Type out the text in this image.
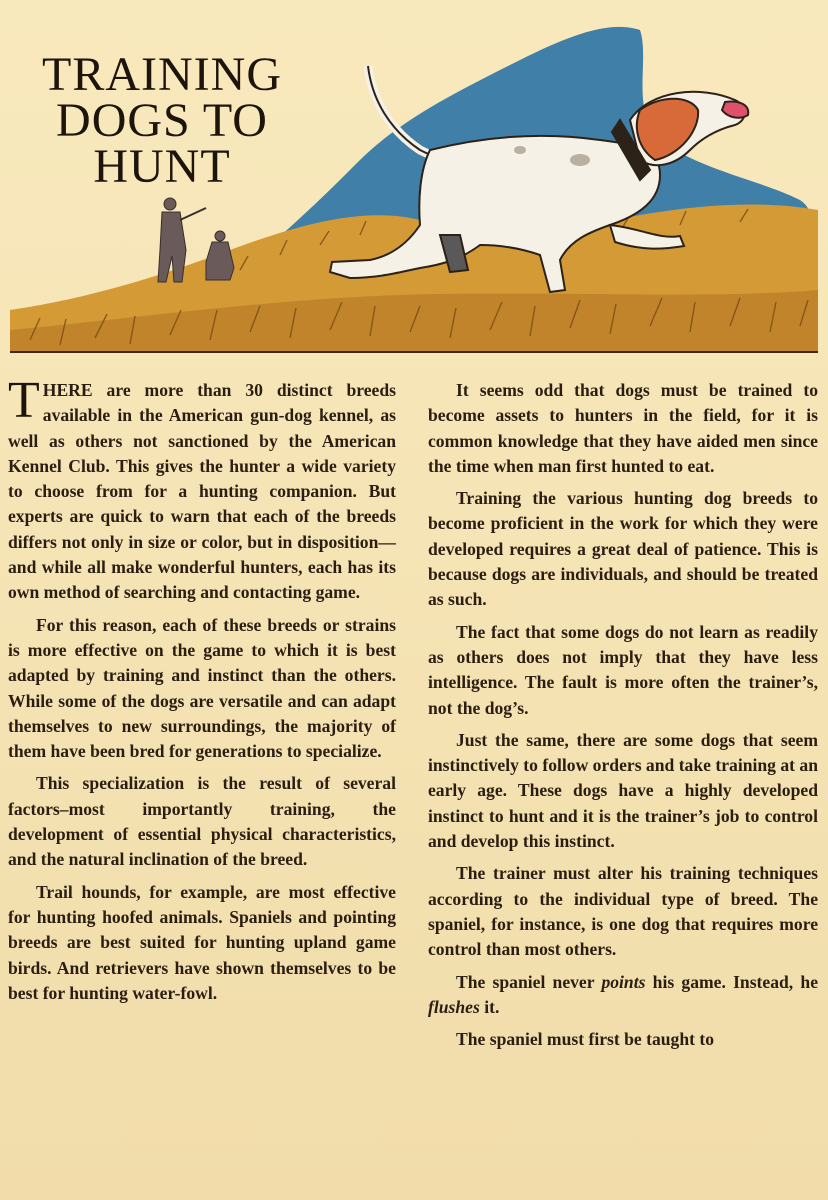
TRAINING
DOGS TO
HUNT

THERE are more than 30 distinct breeds available in the American gun-dog kennel, as well as others not sanctioned by the American Kennel Club. This gives the hunter a wide variety to choose from for a hunting companion. But experts are quick to warn that each of the breeds differs not only in size or color, but in disposition—and while all make wonderful hunters, each has its own method of searching and contacting game.

For this reason, each of these breeds or strains is more effective on the game to which it is best adapted by training and instinct than the others. While some of the dogs are versatile and can adapt themselves to new surroundings, the majority of them have been bred for generations to specialize.

This specialization is the result of several factors–most importantly training, the development of essential physical characteristics, and the natural inclination of the breed.

Trail hounds, for example, are most effective for hunting hoofed animals. Spaniels and pointing breeds are best suited for hunting upland game birds. And retrievers have shown themselves to be best for hunting water-fowl.

It seems odd that dogs must be trained to become assets to hunters in the field, for it is common knowledge that they have aided men since the time when man first hunted to eat.

Training the various hunting dog breeds to become proficient in the work for which they were developed requires a great deal of patience. This is because dogs are individuals, and should be treated as such.

The fact that some dogs do not learn as readily as others does not imply that they have less intelligence. The fault is more often the trainer’s, not the dog’s.

Just the same, there are some dogs that seem instinctively to follow orders and take training at an early age. These dogs have a highly developed instinct to hunt and it is the trainer’s job to control and develop this instinct.

The trainer must alter his training techniques according to the individual type of breed. The spaniel, for instance, is one dog that requires more control than most others.

The spaniel never points his game. Instead, he flushes it.

The spaniel must first be taught to
